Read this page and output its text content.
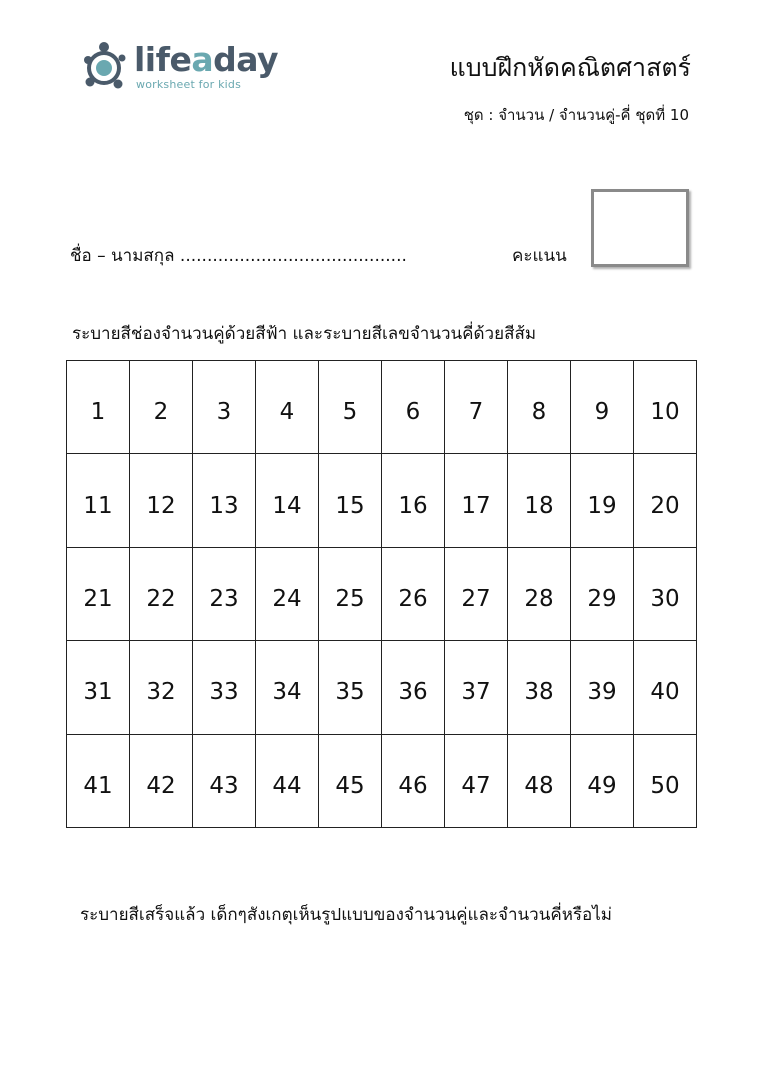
lifeaday
worksheet for kids
แบบฝึกหัดคณิตศาสตร์
ชุด : จำนวน / จำนวนคู่-คี่ ชุดที่ 10
ชื่อ – นามสกุล ..........................................	คะแนน
ระบายสีช่องจำนวนคู่ด้วยสีฟ้า และระบายสีเลขจำนวนคี่ด้วยสีส้ม
1	2	3	4	5	6	7	8	9	10
11	12	13	14	15	16	17	18	19	20
21	22	23	24	25	26	27	28	29	30
31	32	33	34	35	36	37	38	39	40
41	42	43	44	45	46	47	48	49	50
ระบายสีเสร็จแล้ว เด็กๆสังเกตุเห็นรูปแบบของจำนวนคู่และจำนวนคี่หรือไม่
